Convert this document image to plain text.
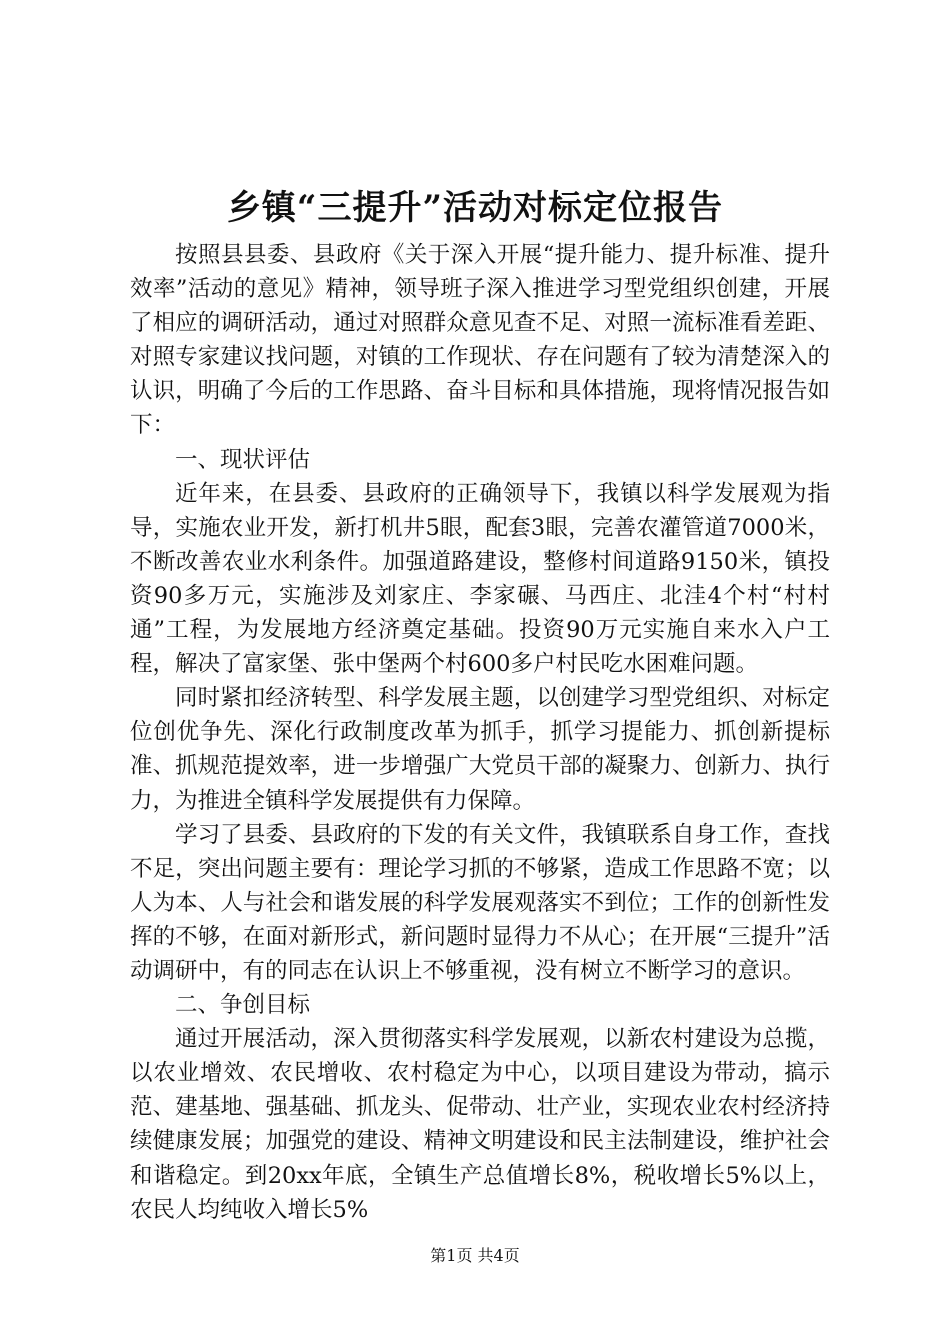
乡镇“三提升”活动对标定位报告

按照县县委、县政府《关于深入开展“提升能力、提升标准、提升效率”活动的意见》精神，领导班子深入推进学习型党组织创建，开展了相应的调研活动，通过对照群众意见查不足、对照一流标准看差距、对照专家建议找问题，对镇的工作现状、存在问题有了较为清楚深入的认识，明确了今后的工作思路、奋斗目标和具体措施，现将情况报告如下：

一、现状评估

近年来，在县委、县政府的正确领导下，我镇以科学发展观为指导，实施农业开发，新打机井5眼，配套3眼，完善农灌管道7000米，不断改善农业水利条件。加强道路建设，整修村间道路9150米，镇投资90多万元，实施涉及刘家庄、李家碾、马西庄、北洼4个村“村村通”工程，为发展地方经济奠定基础。投资90万元实施自来水入户工程，解决了富家堡、张中堡两个村600多户村民吃水困难问题。

同时紧扣经济转型、科学发展主题，以创建学习型党组织、对标定位创优争先、深化行政制度改革为抓手，抓学习提能力、抓创新提标准、抓规范提效率，进一步增强广大党员干部的凝聚力、创新力、执行力，为推进全镇科学发展提供有力保障。

学习了县委、县政府的下发的有关文件，我镇联系自身工作，查找不足，突出问题主要有：理论学习抓的不够紧，造成工作思路不宽；以人为本、人与社会和谐发展的科学发展观落实不到位；工作的创新性发挥的不够，在面对新形式，新问题时显得力不从心；在开展“三提升”活动调研中，有的同志在认识上不够重视，没有树立不断学习的意识。

二、争创目标

通过开展活动，深入贯彻落实科学发展观，以新农村建设为总揽，以农业增效、农民增收、农村稳定为中心，以项目建设为带动，搞示范、建基地、强基础、抓龙头、促带动、壮产业，实现农业农村经济持续健康发展；加强党的建设、精神文明建设和民主法制建设，维护社会和谐稳定。到20xx年底，全镇生产总值增长8%，税收增长5%以上，农民人均纯收入增长5%

第1页 共4页
